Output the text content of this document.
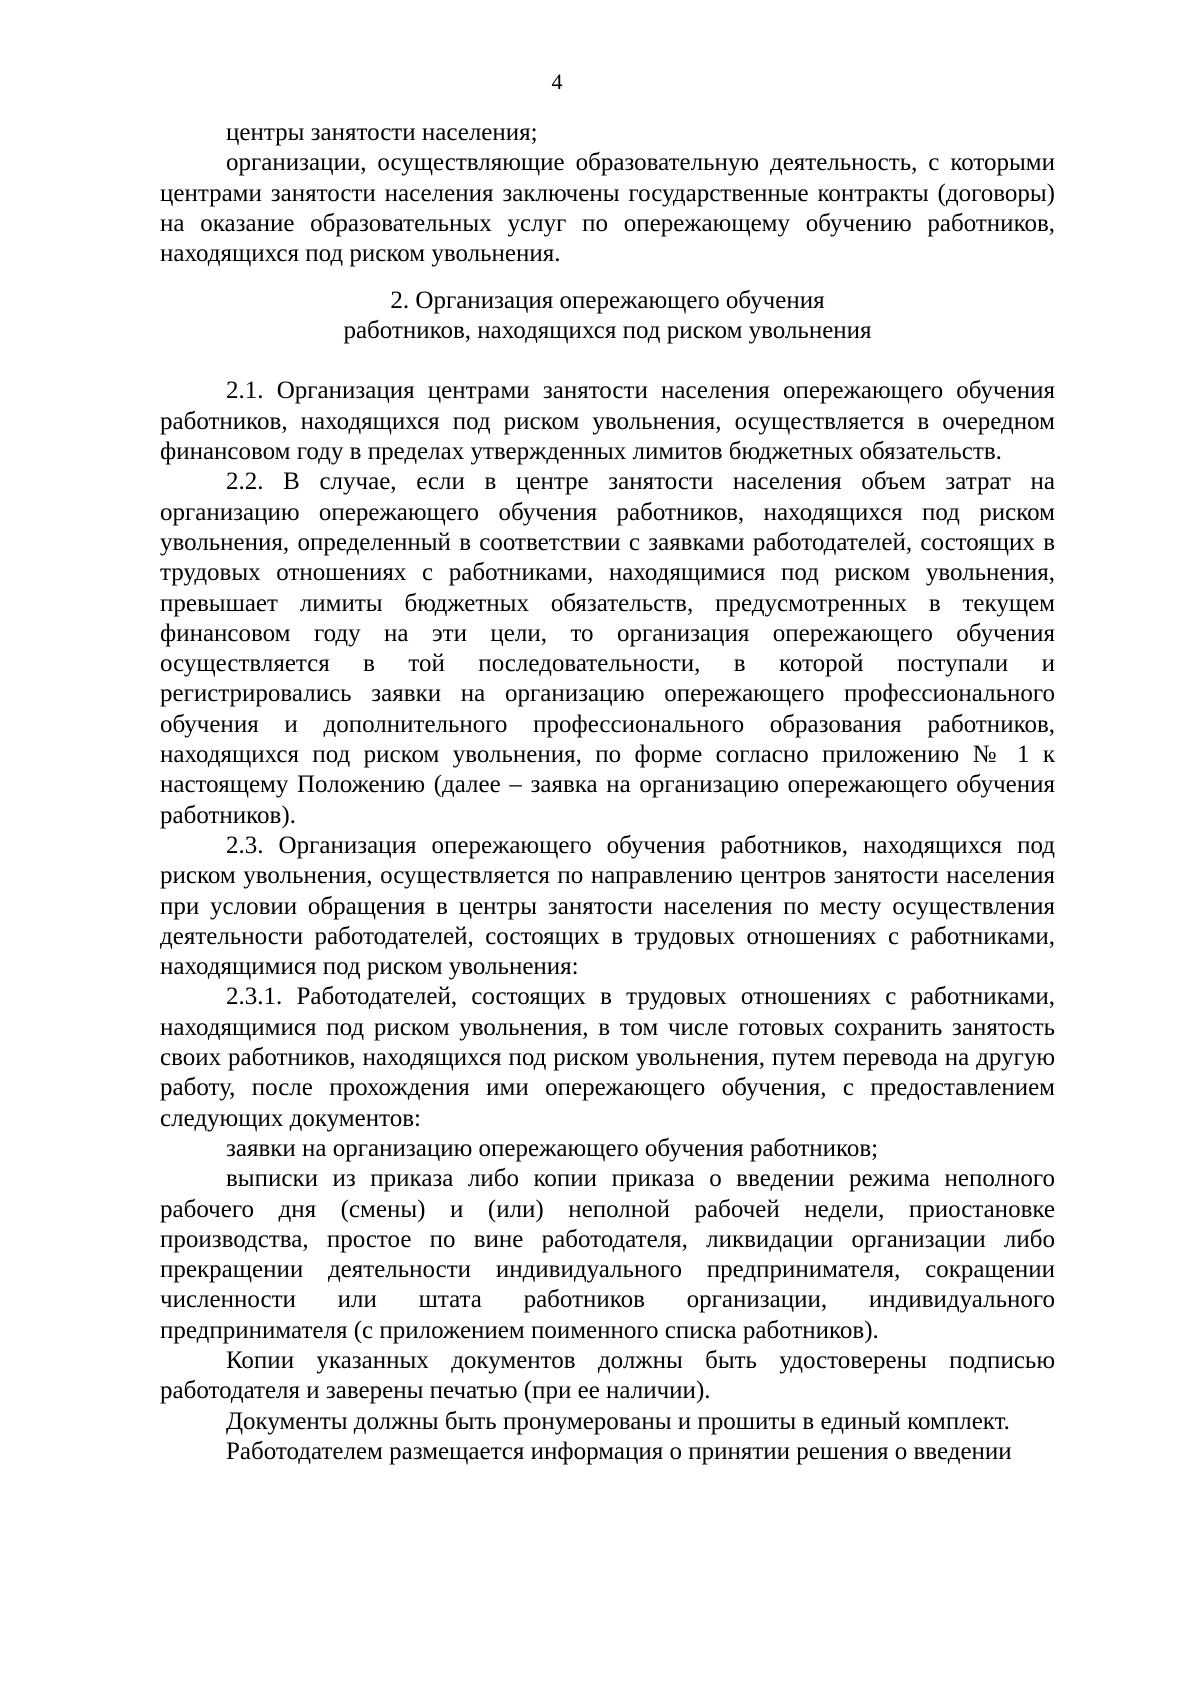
4

центры занятости населения;

организации, осуществляющие образовательную деятельность, с которыми центрами занятости населения заключены государственные контракты (договоры) на оказание образовательных услуг по опережающему обучению работников, находящихся под риском увольнения.

2. Организация опережающего обучения

работников, находящихся под риском увольнения

2.1. Организация центрами занятости населения опережающего обучения работников, находящихся под риском увольнения, осуществляется в очередном финансовом году в пределах утвержденных лимитов бюджетных обязательств.

2.2. В случае, если в центре занятости населения объем затрат на организацию опережающего обучения работников, находящихся под риском увольнения, определенный в соответствии с заявками работодателей, состоящих в трудовых отношениях с работниками, находящимися под риском увольнения, превышает лимиты бюджетных обязательств, предусмотренных в текущем финансовом году на эти цели, то организация опережающего обучения осуществляется в той последовательности, в которой поступали и регистрировались заявки на организацию опережающего профессионального обучения и дополнительного профессионального образования работников, находящихся под риском увольнения, по форме согласно приложению № 1 к настоящему Положению (далее – заявка на организацию опережающего обучения работников).

2.3. Организация опережающего обучения работников, находящихся под риском увольнения, осуществляется по направлению центров занятости населения при условии обращения в центры занятости населения по месту осуществления деятельности работодателей, состоящих в трудовых отношениях с работниками, находящимися под риском увольнения:

2.3.1. Работодателей, состоящих в трудовых отношениях с работниками, находящимися под риском увольнения, в том числе готовых сохранить занятость своих работников, находящихся под риском увольнения, путем перевода на другую работу, после прохождения ими опережающего обучения, с предоставлением следующих документов:

заявки на организацию опережающего обучения работников;

выписки из приказа либо копии приказа о введении режима неполного рабочего дня (смены) и (или) неполной рабочей недели, приостановке производства, простое по вине работодателя, ликвидации организации либо прекращении деятельности индивидуального предпринимателя, сокращении численности или штата работников организации, индивидуального предпринимателя (с приложением поименного списка работников).

Копии указанных документов должны быть удостоверены подписью работодателя и заверены печатью (при ее наличии).

Документы должны быть пронумерованы и прошиты в единый комплект.

Работодателем размещается информация о принятии решения о введении
